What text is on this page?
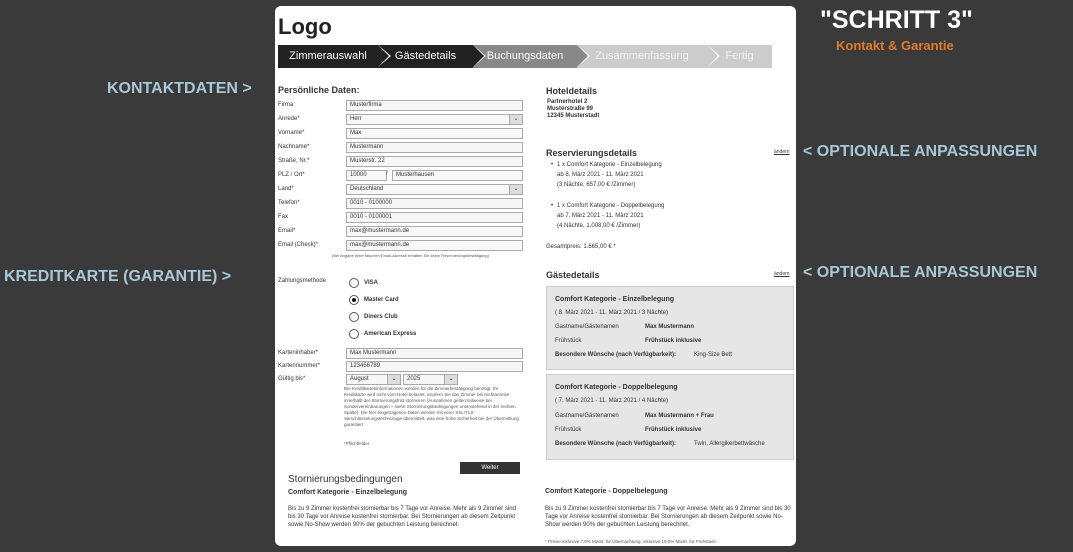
KONTAKTDATEN >
KREDITKARTE (GARANTIE) >
< OPTIONALE ANPASSUNGEN
< OPTIONALE ANPASSUNGEN
"SCHRITT 3"
Kontakt & Garantie
Logo
Zimmerauswahl	Gästedetails	Buchungsdaten	Zusammenfassung	Fertig
Persönliche Daten:
Firma	Musterfirma
Anrede*	Herr	⌄
Vorname*	Max
Nachname*	Mustermann
Straße, Nr.*	Musterstr. 22
PLZ / Ort*	10000	/	Musterhausen
Land*	Deutschland	⌄
Telefon*	0010 - 0100000
Fax	0010 - 0100001
Email*	max@mustermann.de
Email (Check)*	max@mustermann.de
(Bei Angabe einer falschen Email-Adresse erhalten Sie keine Reservierungsbestätigung)
Zahlungsmethode	VISA
Master Card
Diners Club
American Express
Karteninhaber*	Max Mustermann
Kartennummer*	123456789
Gültig bis*	August	⌄	2025	⌄
Die Kreditkarteninformationen werden für die Zimmerbestätigung benötigt. Ihr Kreditkarte wird nicht vom Hotel belastet, insofern Sie das Zimmer bei Nichtanreise innerhalb der Stornierungsfrist stornieren (Ausnahmen gelten teilweise bei Sondervereinbarungen – siehe Stornierungsbedingungen untenstehend in der rechten Spalte). Die hier eingetragenen Daten werden mit einer SSL/TLS-Verschlüsselungstechnologie übermittelt, was eine hohe Sicherheit bei der Übermittlung garantiert.
*Pflichtfelder
Weiter
Hoteldetails
Partnerhotel 2
Musterstraße 99
12345 Musterstadt
Reservierungsdetails	ändern
• 1 x Comfort Kategorie - Einzelbelegung
ab 8. März 2021 - 11. März 2021
(3 Nächte, 657,00 € /Zimmer)
• 1 x Comfort Kategorie - Doppelbelegung
ab 7. März 2021 - 11. März 2021
(4 Nächte, 1.008,00 € /Zimmer)
Gesamtpreis: 1.665,00 € *
Gästedetails	ändern
Comfort Kategorie - Einzelbelegung
( 8. März 2021 - 11. März 2021 / 3 Nächte)
Gastname/Gästenamen	Max Mustermann
Frühstück	Frühstück inklusive
Besondere Wünsche (nach Verfügbarkeit):	King-Size Bett
Comfort Kategorie - Doppelbelegung
( 7. März 2021 - 11. März 2021 / 4 Nächte)
Gastname/Gästenamen	Max Mustermann + Frau
Frühstück	Frühstück inklusive
Besondere Wünsche (nach Verfügbarkeit):	Twin, Allergikerbettwäsche
Stornierungsbedingungen
Comfort Kategorie - Einzelbelegung
Bis zu 9 Zimmer kostenfrei stornierbar bis 7 Tage vor Anreise. Mehr als 9 Zimmer sind bis 30 Tage vor Anreise kostenfrei stornierbar. Bei Stornierungen ab diesem Zeitpunkt sowie No-Show werden 90% der gebuchten Leistung berechnet.
Comfort Kategorie - Doppelbelegung
Bis zu 9 Zimmer kostenfrei stornierbar bis 7 Tage vor Anreise. Mehr als 9 Zimmer sind bis 30 Tage vor Anreise kostenfrei stornierbar. Bei Stornierungen ab diesem Zeitpunkt sowie No-Show werden 90% der gebuchten Leistung berechnet.
* Preise inklusive 7,0% MwSt. für Übernachtung, inklusive 19,0% MwSt. für Frühstück.
